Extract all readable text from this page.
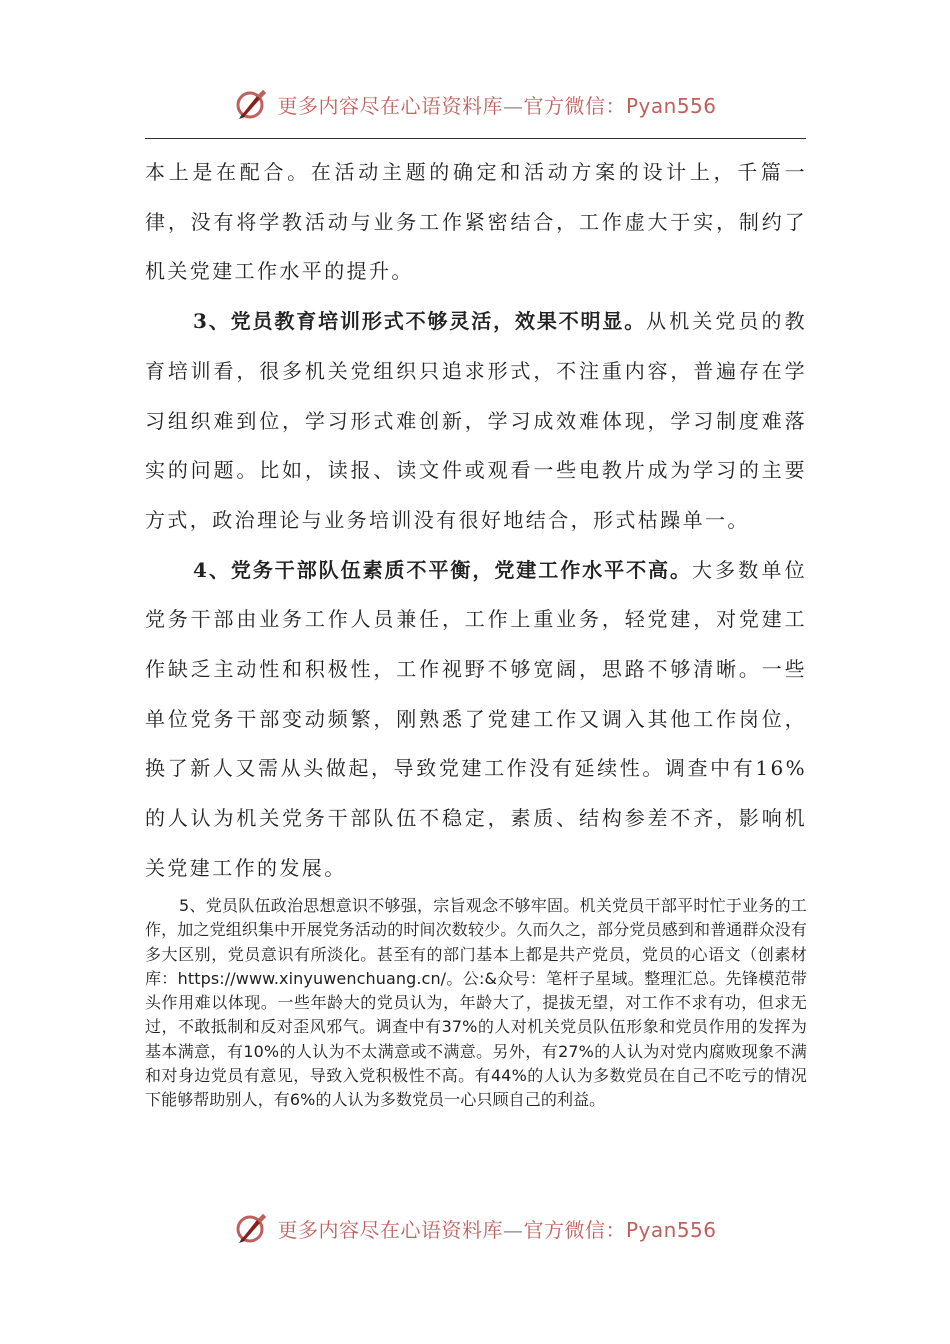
更多内容尽在心语资料库—官方微信：Pyan556

本上是在配合。在活动主题的确定和活动方案的设计上，千篇一律，没有将学教活动与业务工作紧密结合，工作虚大于实，制约了机关党建工作水平的提升。

3、党员教育培训形式不够灵活，效果不明显。从机关党员的教育培训看，很多机关党组织只追求形式，不注重内容，普遍存在学习组织难到位，学习形式难创新，学习成效难体现，学习制度难落实的问题。比如，读报、读文件或观看一些电教片成为学习的主要方式，政治理论与业务培训没有很好地结合，形式枯躁单一。

4、党务干部队伍素质不平衡，党建工作水平不高。大多数单位党务干部由业务工作人员兼任，工作上重业务，轻党建，对党建工作缺乏主动性和积极性，工作视野不够宽阔，思路不够清晰。一些单位党务干部变动频繁，刚熟悉了党建工作又调入其他工作岗位，换了新人又需从头做起，导致党建工作没有延续性。调查中有16%的人认为机关党务干部队伍不稳定，素质、结构参差不齐，影响机关党建工作的发展。

5、党员队伍政治思想意识不够强，宗旨观念不够牢固。机关党员干部平时忙于业务的工作，加之党组织集中开展党务活动的时间次数较少。久而久之，部分党员感到和普通群众没有多大区别，党员意识有所淡化。甚至有的部门基本上都是共产党员，党员的心语文（创素材库：https://www.xinyuwenchuang.cn/。公:&众号：笔杆子星域。整理汇总。先锋模范带头作用难以体现。一些年龄大的党员认为，年龄大了，提拔无望，对工作不求有功，但求无过，不敢抵制和反对歪风邪气。调查中有37%的人对机关党员队伍形象和党员作用的发挥为基本满意，有10%的人认为不太满意或不满意。另外，有27%的人认为对党内腐败现象不满和对身边党员有意见，导致入党积极性不高。有44%的人认为多数党员在自己不吃亏的情况下能够帮助别人，有6%的人认为多数党员一心只顾自己的利益。

更多内容尽在心语资料库—官方微信：Pyan556
